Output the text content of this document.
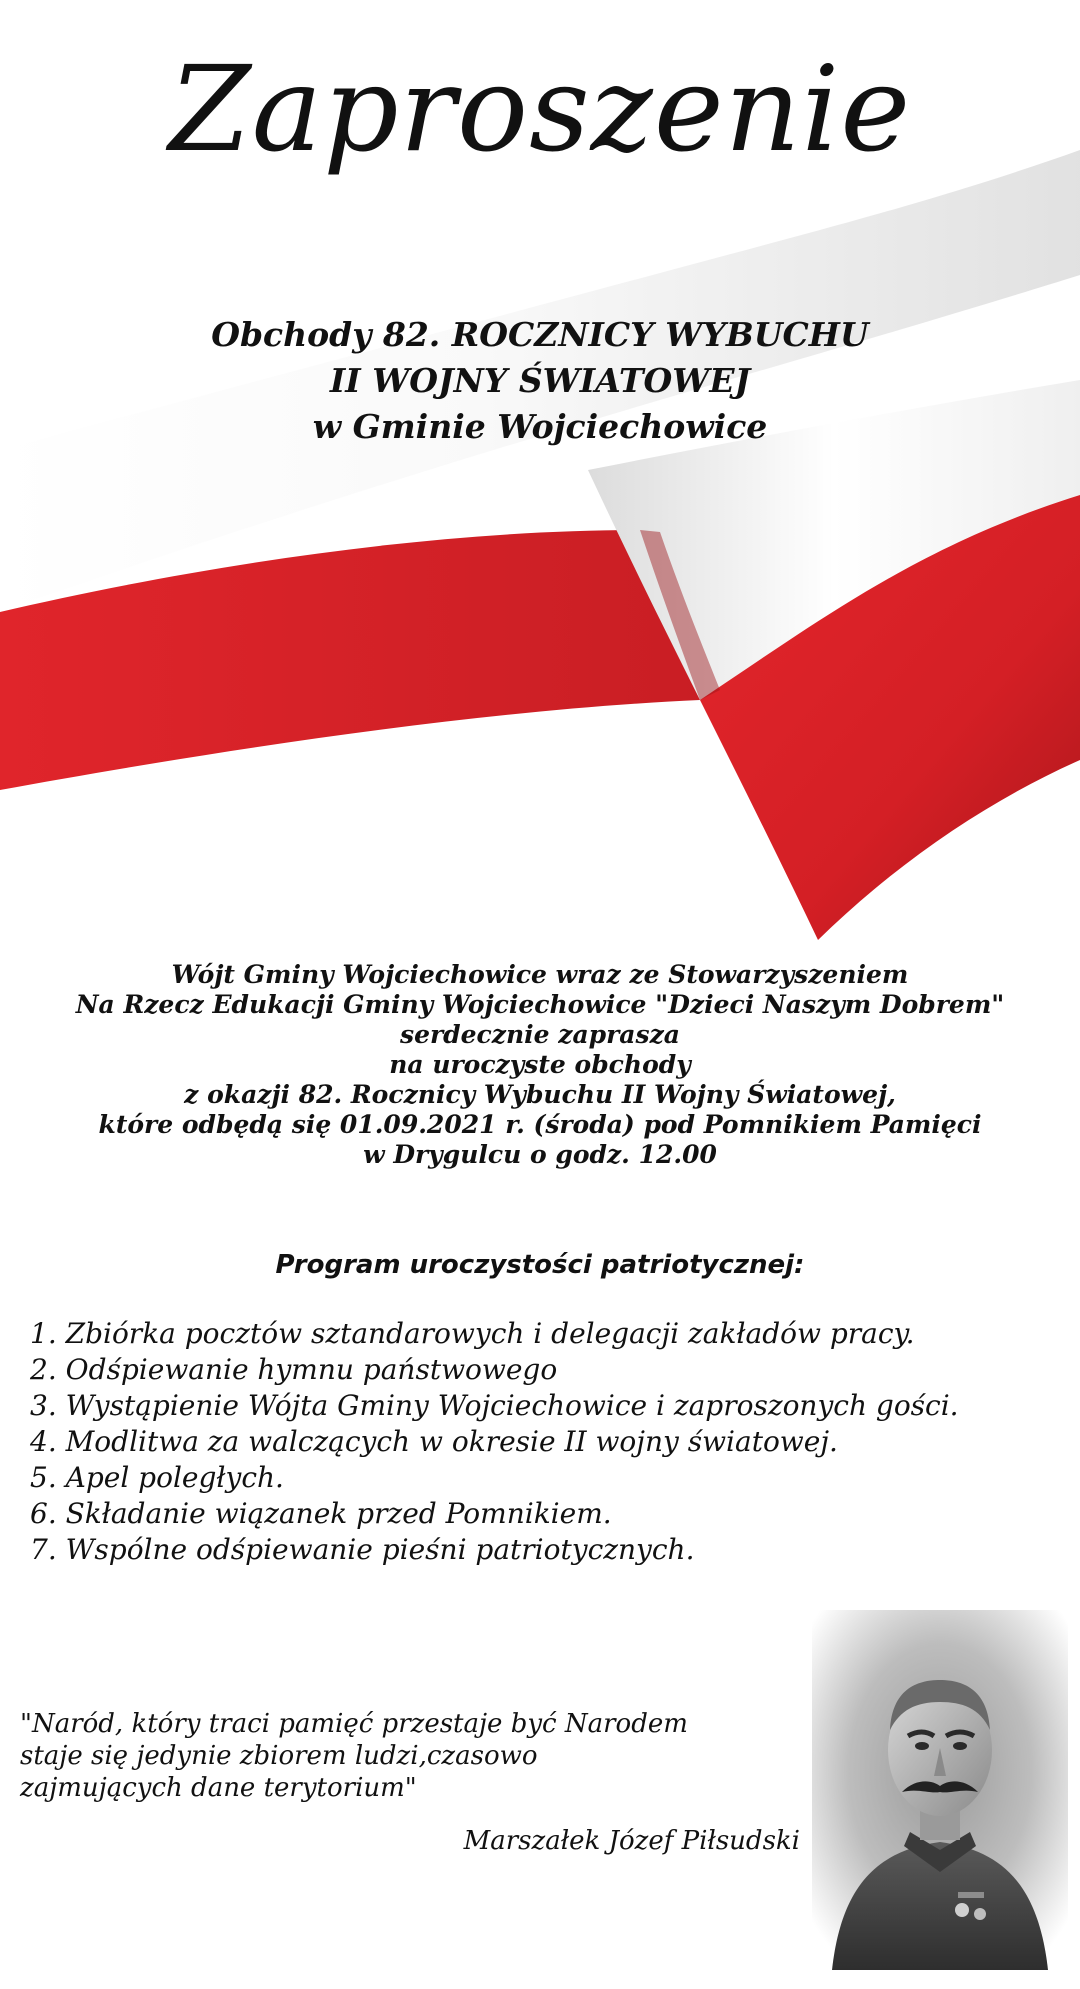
Zaproszenie
Obchody 82. ROCZNICY WYBUCHU
II WOJNY ŚWIATOWEJ
w Gminie Wojciechowice
Wójt Gminy Wojciechowice wraz ze Stowarzyszeniem
Na Rzecz Edukacji Gminy Wojciechowice "Dzieci Naszym Dobrem"
serdecznie zaprasza
na uroczyste obchody
z okazji 82. Rocznicy Wybuchu II Wojny Światowej,
które odbędą się 01.09.2021 r. (środa) pod Pomnikiem Pamięci
w Drygulcu o godz. 12.00
Program uroczystości patriotycznej:
1. Zbiórka pocztów sztandarowych i delegacji zakładów pracy.
2. Odśpiewanie hymnu państwowego
3. Wystąpienie Wójta Gminy Wojciechowice i zaproszonych gości.
4. Modlitwa za walczących w okresie II wojny światowej.
5. Apel poległych.
6. Składanie wiązanek przed Pomnikiem.
7. Wspólne odśpiewanie pieśni patriotycznych.
"Naród, który traci pamięć przestaje być Narodem
staje się jedynie zbiorem ludzi,czasowo
zajmujących dane terytorium"
Marszałek Józef Piłsudski
